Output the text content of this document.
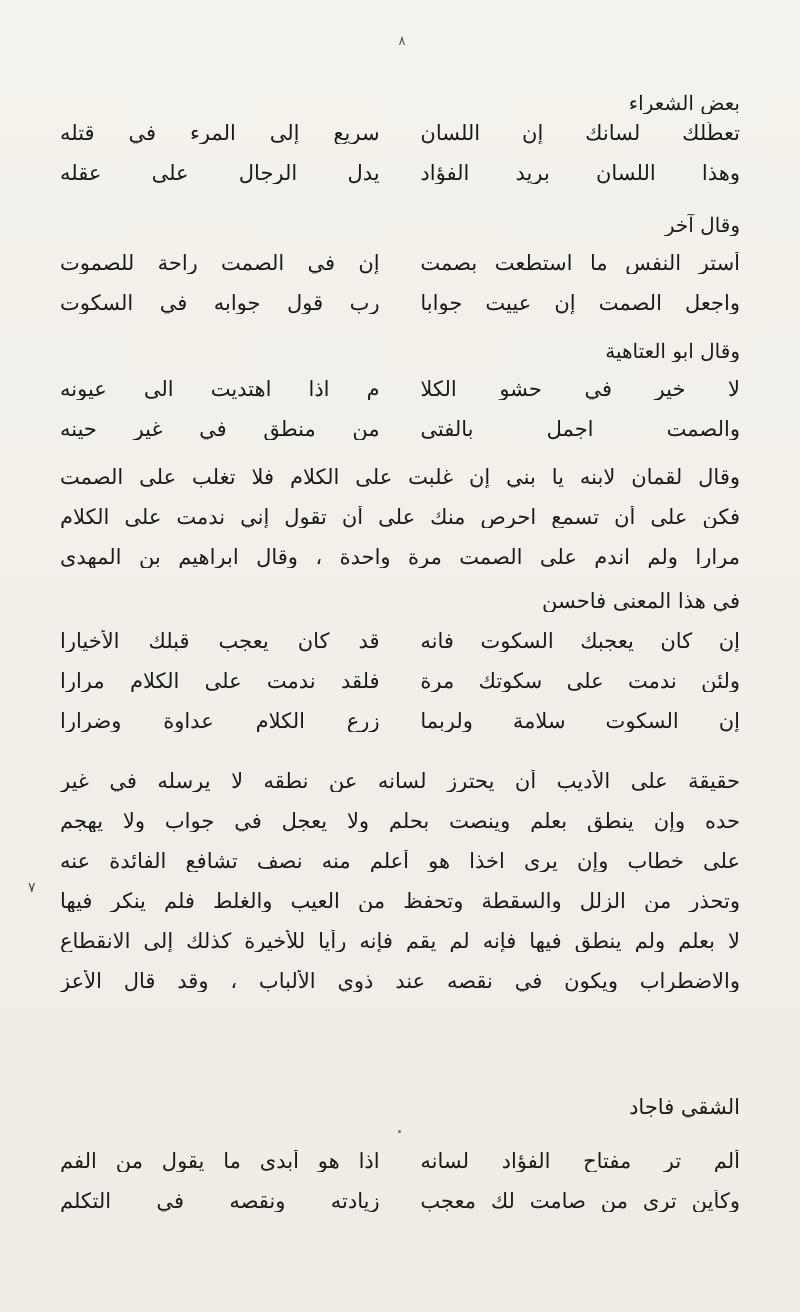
٨
بعض الشعراء
تعطَّلك لسانك إن اللسان
سريع إلى المرء في قتله
وهذا اللسان بريد الفؤاد
يدل الرجال على عقله
وقال آخر
أستر النفس ما استطعت بصمت
إن في الصمت راحة للصموت
واجعل الصمت إن عييت جوابا
رب قول جوابه في السكوت
وقال ابو العتاهية
لا خير في حشو الكلا
م اذا اهتديت الى عيونه
والصمت اجمل بالفتى
من منطق في غير حينه
وقال لقمان لابنه يا بني إن غلبت على الكلام فلا تغلب على الصمت
فكن على أن تسمع احرص منك على أن تقول إني ندمت على الكلام
مرارا ولم اندم على الصمت مرة واحدة ، وقال ابراهيم بن المهدى
في هذا المعنى فاحسن
إن كان يعجبك السكوت فانه
قد كان يعجب قبلك الأخيارا
ولئن ندمت على سكوتك مرة
فلقد ندمت على الكلام مرارا
إن السكوت سلامة ولربما
زرع الكلام عداوة وضرارا
٧
حقيقة على الأديب أن يحترز لسانه عن نطقه لا يرسله في غير
حده وإن ينطق بعلم وينصت بحلم ولا يعجل في جواب ولا يهجم
على خطاب وإن يرى اخذا هو أعلم منه نصف تشافع الفائدة عنه
وتحذر من الزلل والسقطة وتحفظ من العيب والغلط فلم ينكر فيها
لا بعلم ولم ينطق فيها فإنه لم يقم فإنه رأيا للأخيرة كذلك إلى الانقطاع
والاضطراب ويكون في نقصه عند ذوي الألباب ، وقد قال الأعز
الشقي فاجاد
ألم تر مفتاح الفؤاد لسانه
اذا هو أبدى ما يقول من الفم
وكأين ترى من صامت لك معجب
زيادته ونقصه في التكلم
